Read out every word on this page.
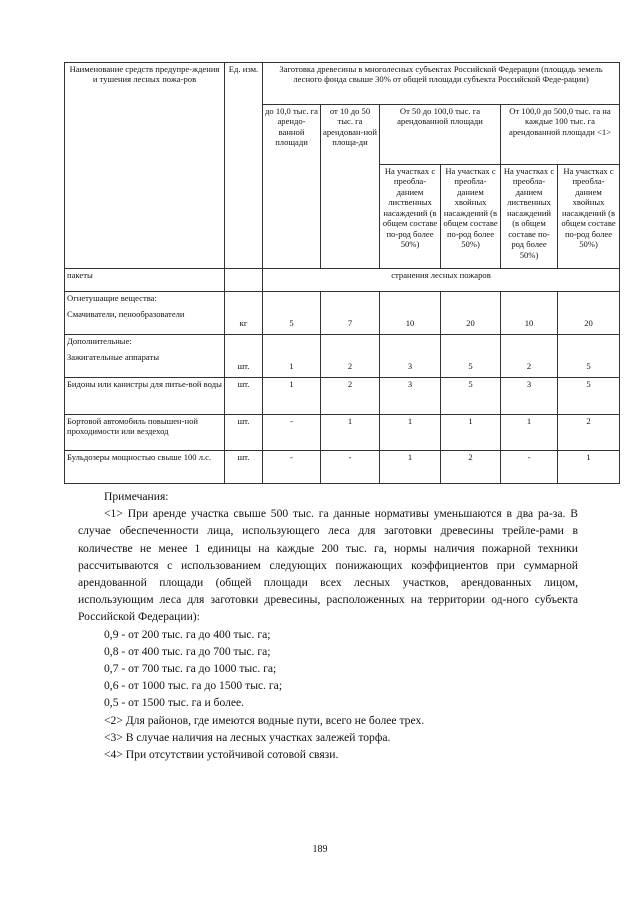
Наименование средств предупре-ждения и тушения лесных пожа-ров	Ед. изм.	Заготовка древесины в многолесных субъектах Российской Федерации (площадь земель лесного фонда свыше 30% от общей площади субъекта Российской Феде-рации)					
		до 10,0 тыс. га арендо-ванной площади	от 10 до 50 тыс. га арендован-ной площа-ди	От 50 до 100,0 тыс. га арендованной площади		От 100,0 до 500,0 тыс. га на каждые 100 тыс. га арендованной площади <1>	
				На участках с преобла-данием лиственных насаждений (в общем составе по-род более 50%)	На участках с преобла-данием хвойных насаждений (в общем составе по-род более 50%)	На участках с преобла-данием лиственных насаждений (в общем составе по-род более 50%)	На участках с преобла-данием хвойных насаждений (в общем составе по-род более 50%)
пакеты		странения лесных пожаров					

Огнетушащие вещества:
Смачиватели, пенообразователи	кг	5	7	10	20	10	20

Дополнительные:
Зажигательные аппараты	шт.	1	2	3	5	2	5
Бидоны или канистры для питье-вой воды	шт.	1	2	3	5	3	5
Бортовой автомобиль повышен-ной проходимости или вездеход	шт.	-	1	1	1	1	2
Бульдозеры мощностью свыше 100 л.с.	шт.	-	-	1	2	-	1

Примечания:

<1> При аренде участка свыше 500 тыс. га данные нормативы уменьшаются в два ра-за. В случае обеспеченности лица, использующего леса для заготовки древесины трейле-рами в количестве не менее 1 единицы на каждые 200 тыс. га, нормы наличия пожарной техники рассчитываются с использованием следующих понижающих коэффициентов при суммарной арендованной площади (общей площади всех лесных участков, арендованных лицом, использующим леса для заготовки древесины, расположенных на территории од-ного субъекта Российской Федерации):

0,9 - от 200 тыс. га до 400 тыс. га;

0,8 - от 400 тыс. га до 700 тыс. га;

0,7 - от 700 тыс. га до 1000 тыс. га;

0,6 - от 1000 тыс. га до 1500 тыс. га;

0,5 - от 1500 тыс. га и более.

<2> Для районов, где имеются водные пути, всего не более трех.

<3> В случае наличия на лесных участках залежей торфа.

<4> При отсутствии устойчивой сотовой связи.

189
